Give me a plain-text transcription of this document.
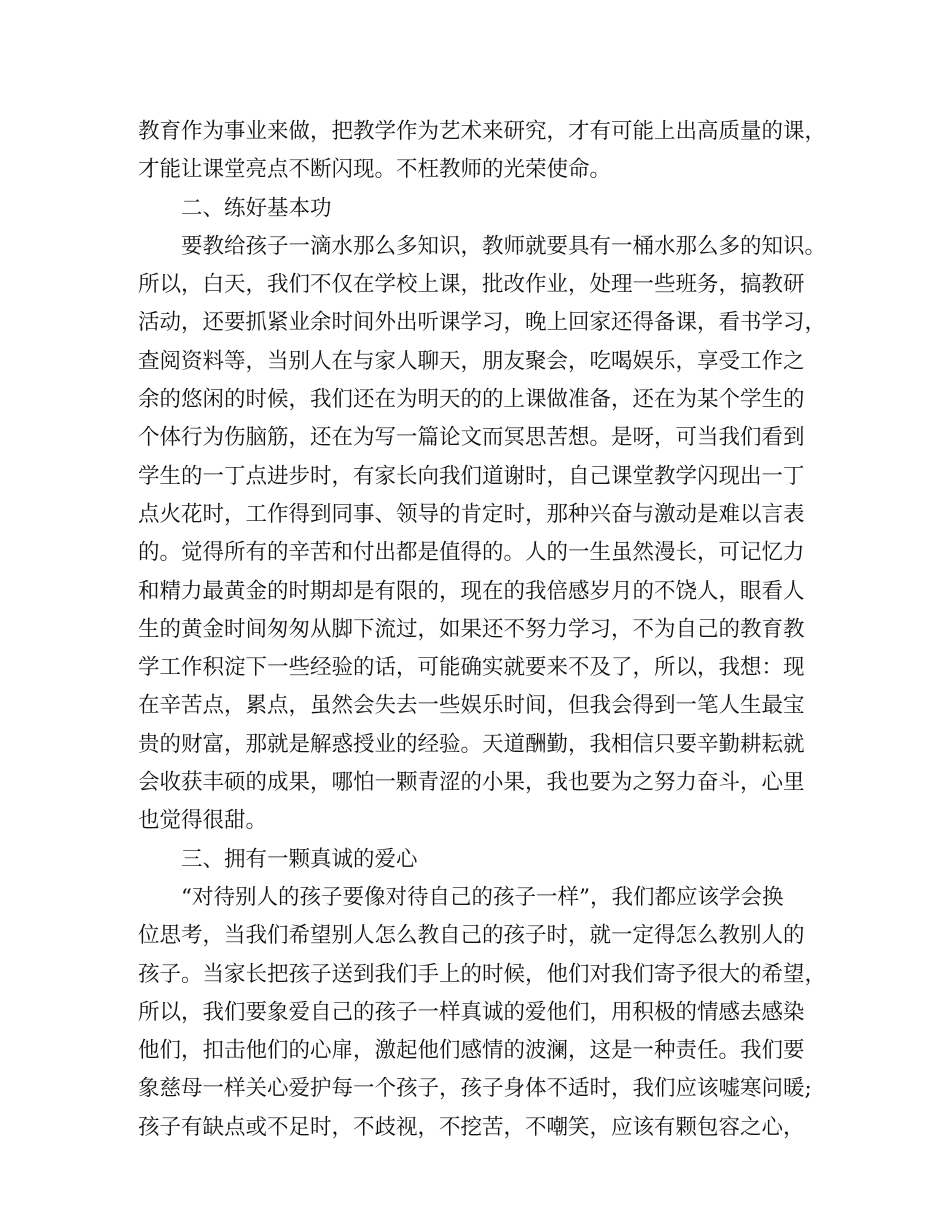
教育作为事业来做，把教学作为艺术来研究，才有可能上出高质量的课，
才能让课堂亮点不断闪现。不枉教师的光荣使命。
　　二、练好基本功
　　要教给孩子一滴水那么多知识，教师就要具有一桶水那么多的知识。
所以，白天，我们不仅在学校上课，批改作业，处理一些班务，搞教研
活动，还要抓紧业余时间外出听课学习，晚上回家还得备课，看书学习，
查阅资料等，当别人在与家人聊天，朋友聚会，吃喝娱乐，享受工作之
余的悠闲的时候，我们还在为明天的的上课做准备，还在为某个学生的
个体行为伤脑筋，还在为写一篇论文而冥思苦想。是呀，可当我们看到
学生的一丁点进步时，有家长向我们道谢时，自己课堂教学闪现出一丁
点火花时，工作得到同事、领导的肯定时，那种兴奋与激动是难以言表
的。觉得所有的辛苦和付出都是值得的。人的一生虽然漫长，可记忆力
和精力最黄金的时期却是有限的，现在的我倍感岁月的不饶人，眼看人
生的黄金时间匆匆从脚下流过，如果还不努力学习，不为自己的教育教
学工作积淀下一些经验的话，可能确实就要来不及了，所以，我想：现
在辛苦点，累点，虽然会失去一些娱乐时间，但我会得到一笔人生最宝
贵的财富，那就是解惑授业的经验。天道酬勤，我相信只要辛勤耕耘就
会收获丰硕的成果，哪怕一颗青涩的小果，我也要为之努力奋斗，心里
也觉得很甜。
　　三、拥有一颗真诚的爱心
　　“对待别人的孩子要像对待自己的孩子一样”，我们都应该学会换
位思考，当我们希望别人怎么教自己的孩子时，就一定得怎么教别人的
孩子。当家长把孩子送到我们手上的时候，他们对我们寄予很大的希望，
所以，我们要象爱自己的孩子一样真诚的爱他们，用积极的情感去感染
他们，扣击他们的心扉，激起他们感情的波澜，这是一种责任。我们要
象慈母一样关心爱护每一个孩子，孩子身体不适时，我们应该嘘寒问暖;
孩子有缺点或不足时，不歧视，不挖苦，不嘲笑，应该有颗包容之心，
